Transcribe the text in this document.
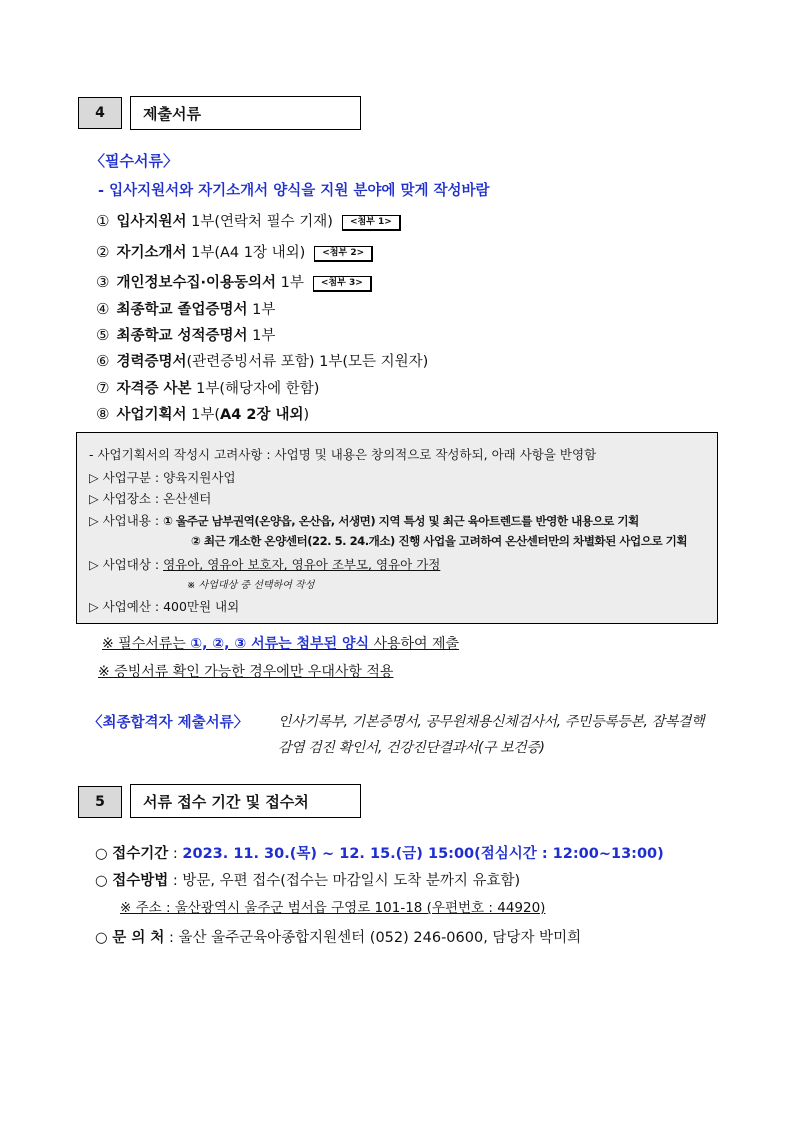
4	제출서류
〈필수서류〉
- 입사지원서와 자기소개서 양식을 지원 분야에 맞게 작성바람
① 입사지원서 1부(연락처 필수 기재) <첨부 1>
② 자기소개서 1부(A4 1장 내외) <첨부 2>
③ 개인정보수집·이용동의서 1부 <첨부 3>
④ 최종학교 졸업증명서 1부
⑤ 최종학교 성적증명서 1부
⑥ 경력증명서(관련증빙서류 포함) 1부(모든 지원자)
⑦ 자격증 사본 1부(해당자에 한함)
⑧ 사업기획서 1부(A4 2장 내외)
- 사업기획서의 작성시 고려사항 : 사업명 및 내용은 창의적으로 작성하되, 아래 사항을 반영함
▷ 사업구분 : 양육지원사업
▷ 사업장소 : 온산센터
▷ 사업내용 : ① 울주군 남부권역(온양읍, 온산읍, 서생면) 지역 특성 및 최근 육아트렌드를 반영한 내용으로 기획
② 최근 개소한 온양센터(22. 5. 24.개소) 진행 사업을 고려하여 온산센터만의 차별화된 사업으로 기획
▷ 사업대상 : 영유아, 영유아 보호자, 영유아 조부모, 영유아 가정
※ 사업대상 중 선택하여 작성
▷ 사업예산 : 400만원 내외
※ 필수서류는 ①, ②, ③ 서류는 첨부된 양식 사용하여 제출
※ 증빙서류 확인 가능한 경우에만 우대사항 적용
〈최종합격자 제출서류〉 인사기록부, 기본증명서, 공무원채용신체검사서, 주민등록등본, 잠복결핵
감염 검진 확인서, 건강진단결과서(구 보건증)
5	서류 접수 기간 및 접수처
○ 접수기간 : 2023. 11. 30.(목) ~ 12. 15.(금) 15:00(점심시간 : 12:00~13:00)
○ 접수방법 : 방문, 우편 접수(접수는 마감일시 도착 분까지 유효함)
※ 주소 : 울산광역시 울주군 범서읍 구영로 101-18 (우편번호 : 44920)
○ 문 의 처 : 울산 울주군육아종합지원센터 (052) 246-0600, 담당자 박미희
